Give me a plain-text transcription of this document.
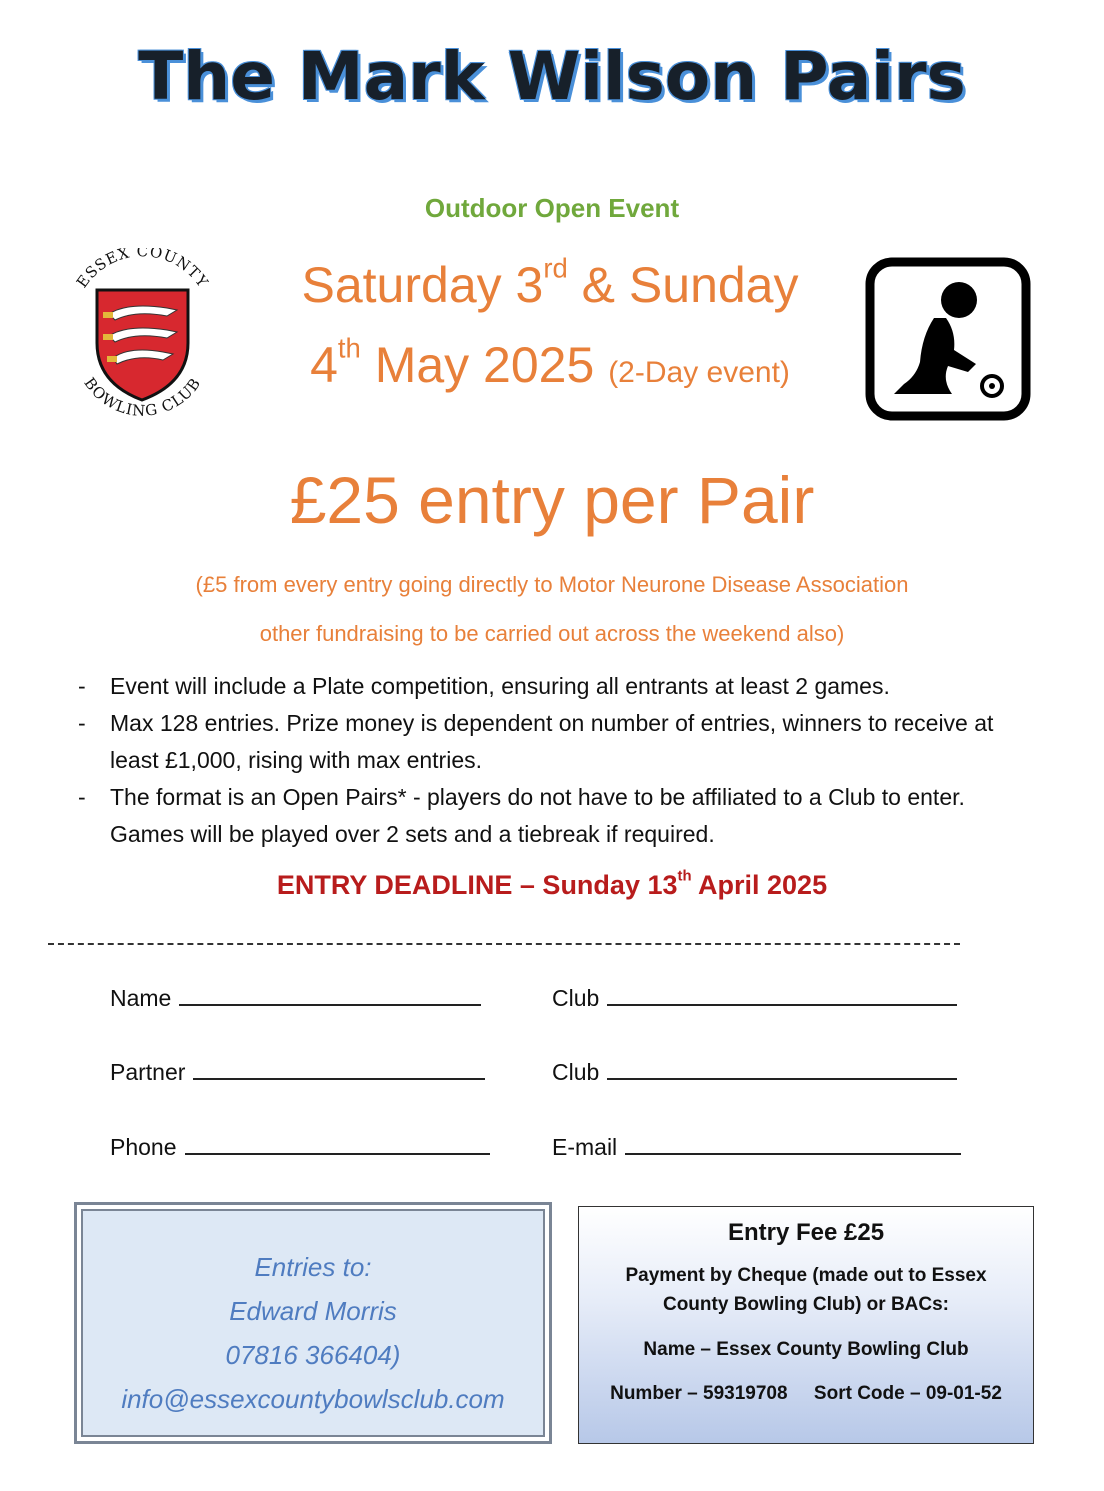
The Mark Wilson Pairs
Outdoor Open Event
ESSEX COUNTY
BOWLING CLUB
Saturday 3rd & Sunday
4th May 2025 (2-Day event)
£25 entry per Pair
(£5 from every entry going directly to Motor Neurone Disease Association
other fundraising to be carried out across the weekend also)
- Event will include a Plate competition, ensuring all entrants at least 2 games.
- Max 128 entries. Prize money is dependent on number of entries, winners to receive at least £1,000, rising with max entries.
- The format is an Open Pairs* - players do not have to be affiliated to a Club to enter. Games will be played over 2 sets and a tiebreak if required.
ENTRY DEADLINE – Sunday 13th April 2025
Name	Club
Partner	Club
Phone	E-mail
Entries to:
Edward Morris
07816 366404)
info@essexcountybowlsclub.com
Entry Fee £25
Payment by Cheque (made out to Essex
County Bowling Club) or BACs:
Name – Essex County Bowling Club
Number – 59319708     Sort Code – 09-01-52
